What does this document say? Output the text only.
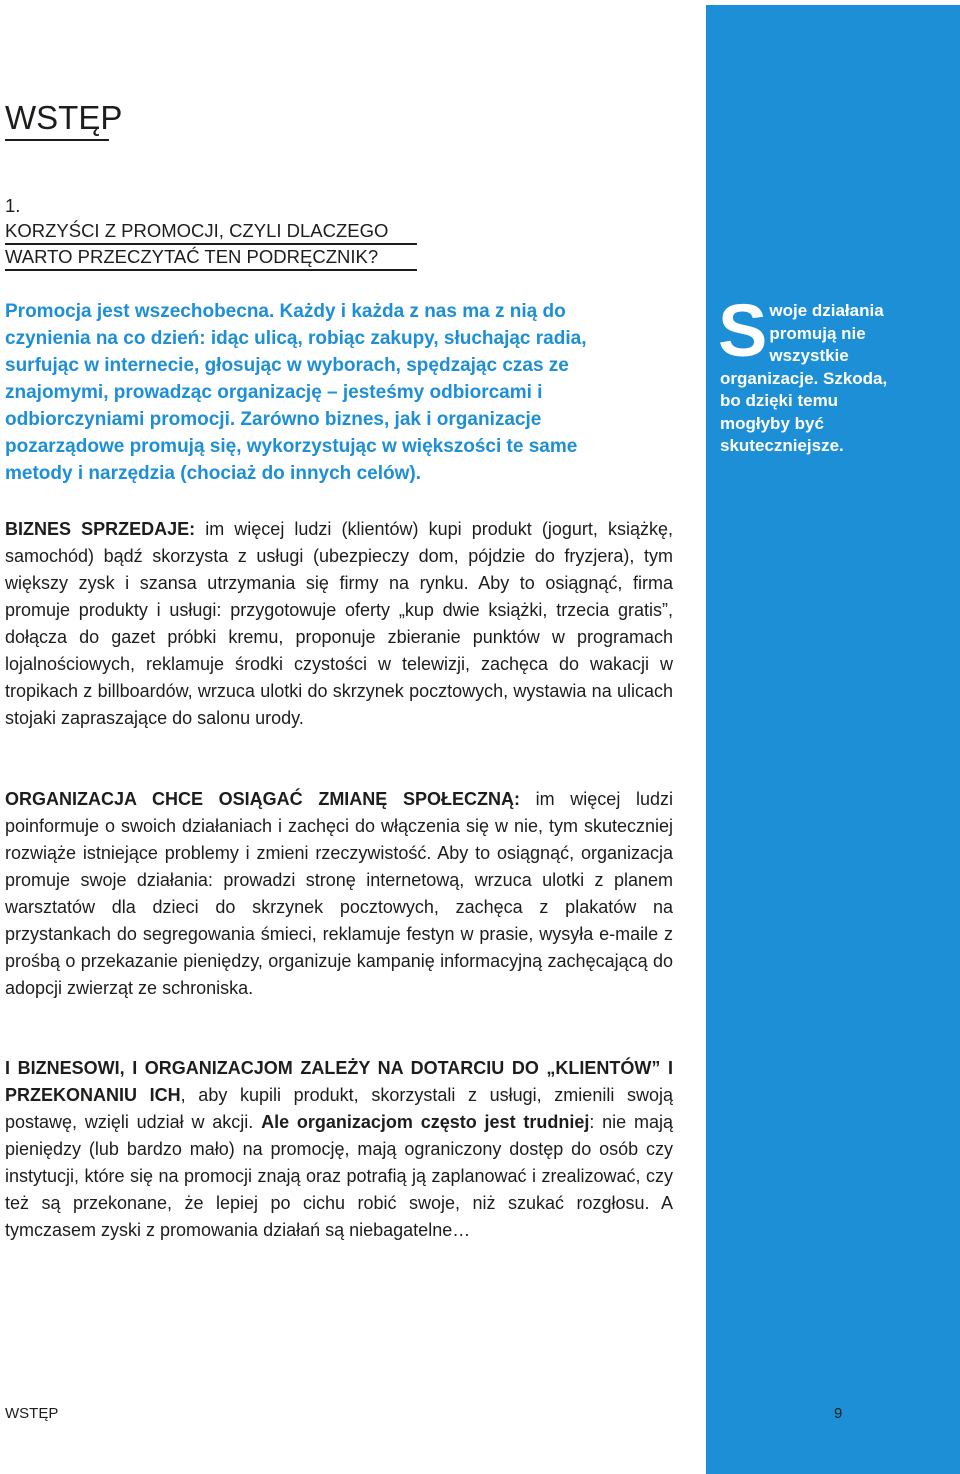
WSTĘP
1.
KORZYŚCI Z PROMOCJI, CZYLI DLACZEGO
WARTO PRZECZYTAĆ TEN PODRĘCZNIK?

Promocja jest wszechobecna. Każdy i każda z nas ma z nią do czynienia na co dzień: idąc ulicą, robiąc zakupy, słuchając radia, surfując w internecie, głosując w wyborach, spędzając czas ze znajomymi, prowadząc organizację – jesteśmy odbiorcami i odbiorczyniami promocji. Zarówno biznes, jak i organizacje pozarządowe promują się, wykorzystując w większości te same metody i narzędzia (chociaż do innych celów).

Swoje działania promują nie wszystkie organizacje. Szkoda, bo dzięki temu mogłyby być skuteczniejsze.

BIZNES SPRZEDAJE: im więcej ludzi (klientów) kupi produkt (jogurt, książkę, samochód) bądź skorzysta z usługi (ubezpieczy dom, pójdzie do fryzjera), tym większy zysk i szansa utrzymania się firmy na rynku. Aby to osiągnąć, firma promuje produkty i usługi: przygotowuje oferty „kup dwie książki, trzecia gratis”, dołącza do gazet próbki kremu, proponuje zbieranie punktów w programach lojalnościowych, reklamuje środki czystości w telewizji, zachęca do wakacji w tropikach z billboardów, wrzuca ulotki do skrzynek pocztowych, wystawia na ulicach stojaki zapraszające do salonu urody.

ORGANIZACJA CHCE OSIĄGAĆ ZMIANĘ SPOŁECZNĄ: im więcej ludzi poinformuje o swoich działaniach i zachęci do włączenia się w nie, tym skuteczniej rozwiąże istniejące problemy i zmieni rzeczywistość. Aby to osiągnąć, organizacja promuje swoje działania: prowadzi stronę internetową, wrzuca ulotki z planem warsztatów dla dzieci do skrzynek pocztowych, zachęca z plakatów na przystankach do segregowania śmieci, reklamuje festyn w prasie, wysyła e-maile z prośbą o przekazanie pieniędzy, organizuje kampanię informacyjną zachęcającą do adopcji zwierząt ze schroniska.

I BIZNESOWI, I ORGANIZACJOM ZALEŻY NA DOTARCIU DO „KLIENTÓW” I PRZEKONANIU ICH, aby kupili produkt, skorzystali z usługi, zmienili swoją postawę, wzięli udział w akcji. Ale organizacjom często jest trudniej: nie mają pieniędzy (lub bardzo mało) na promocję, mają ograniczony dostęp do osób czy instytucji, które się na promocji znają oraz potrafią ją zaplanować i zrealizować, czy też są przekonane, że lepiej po cichu robić swoje, niż szukać rozgłosu. A tymczasem zyski z promowania działań są niebagatelne…

WSTĘP	9
